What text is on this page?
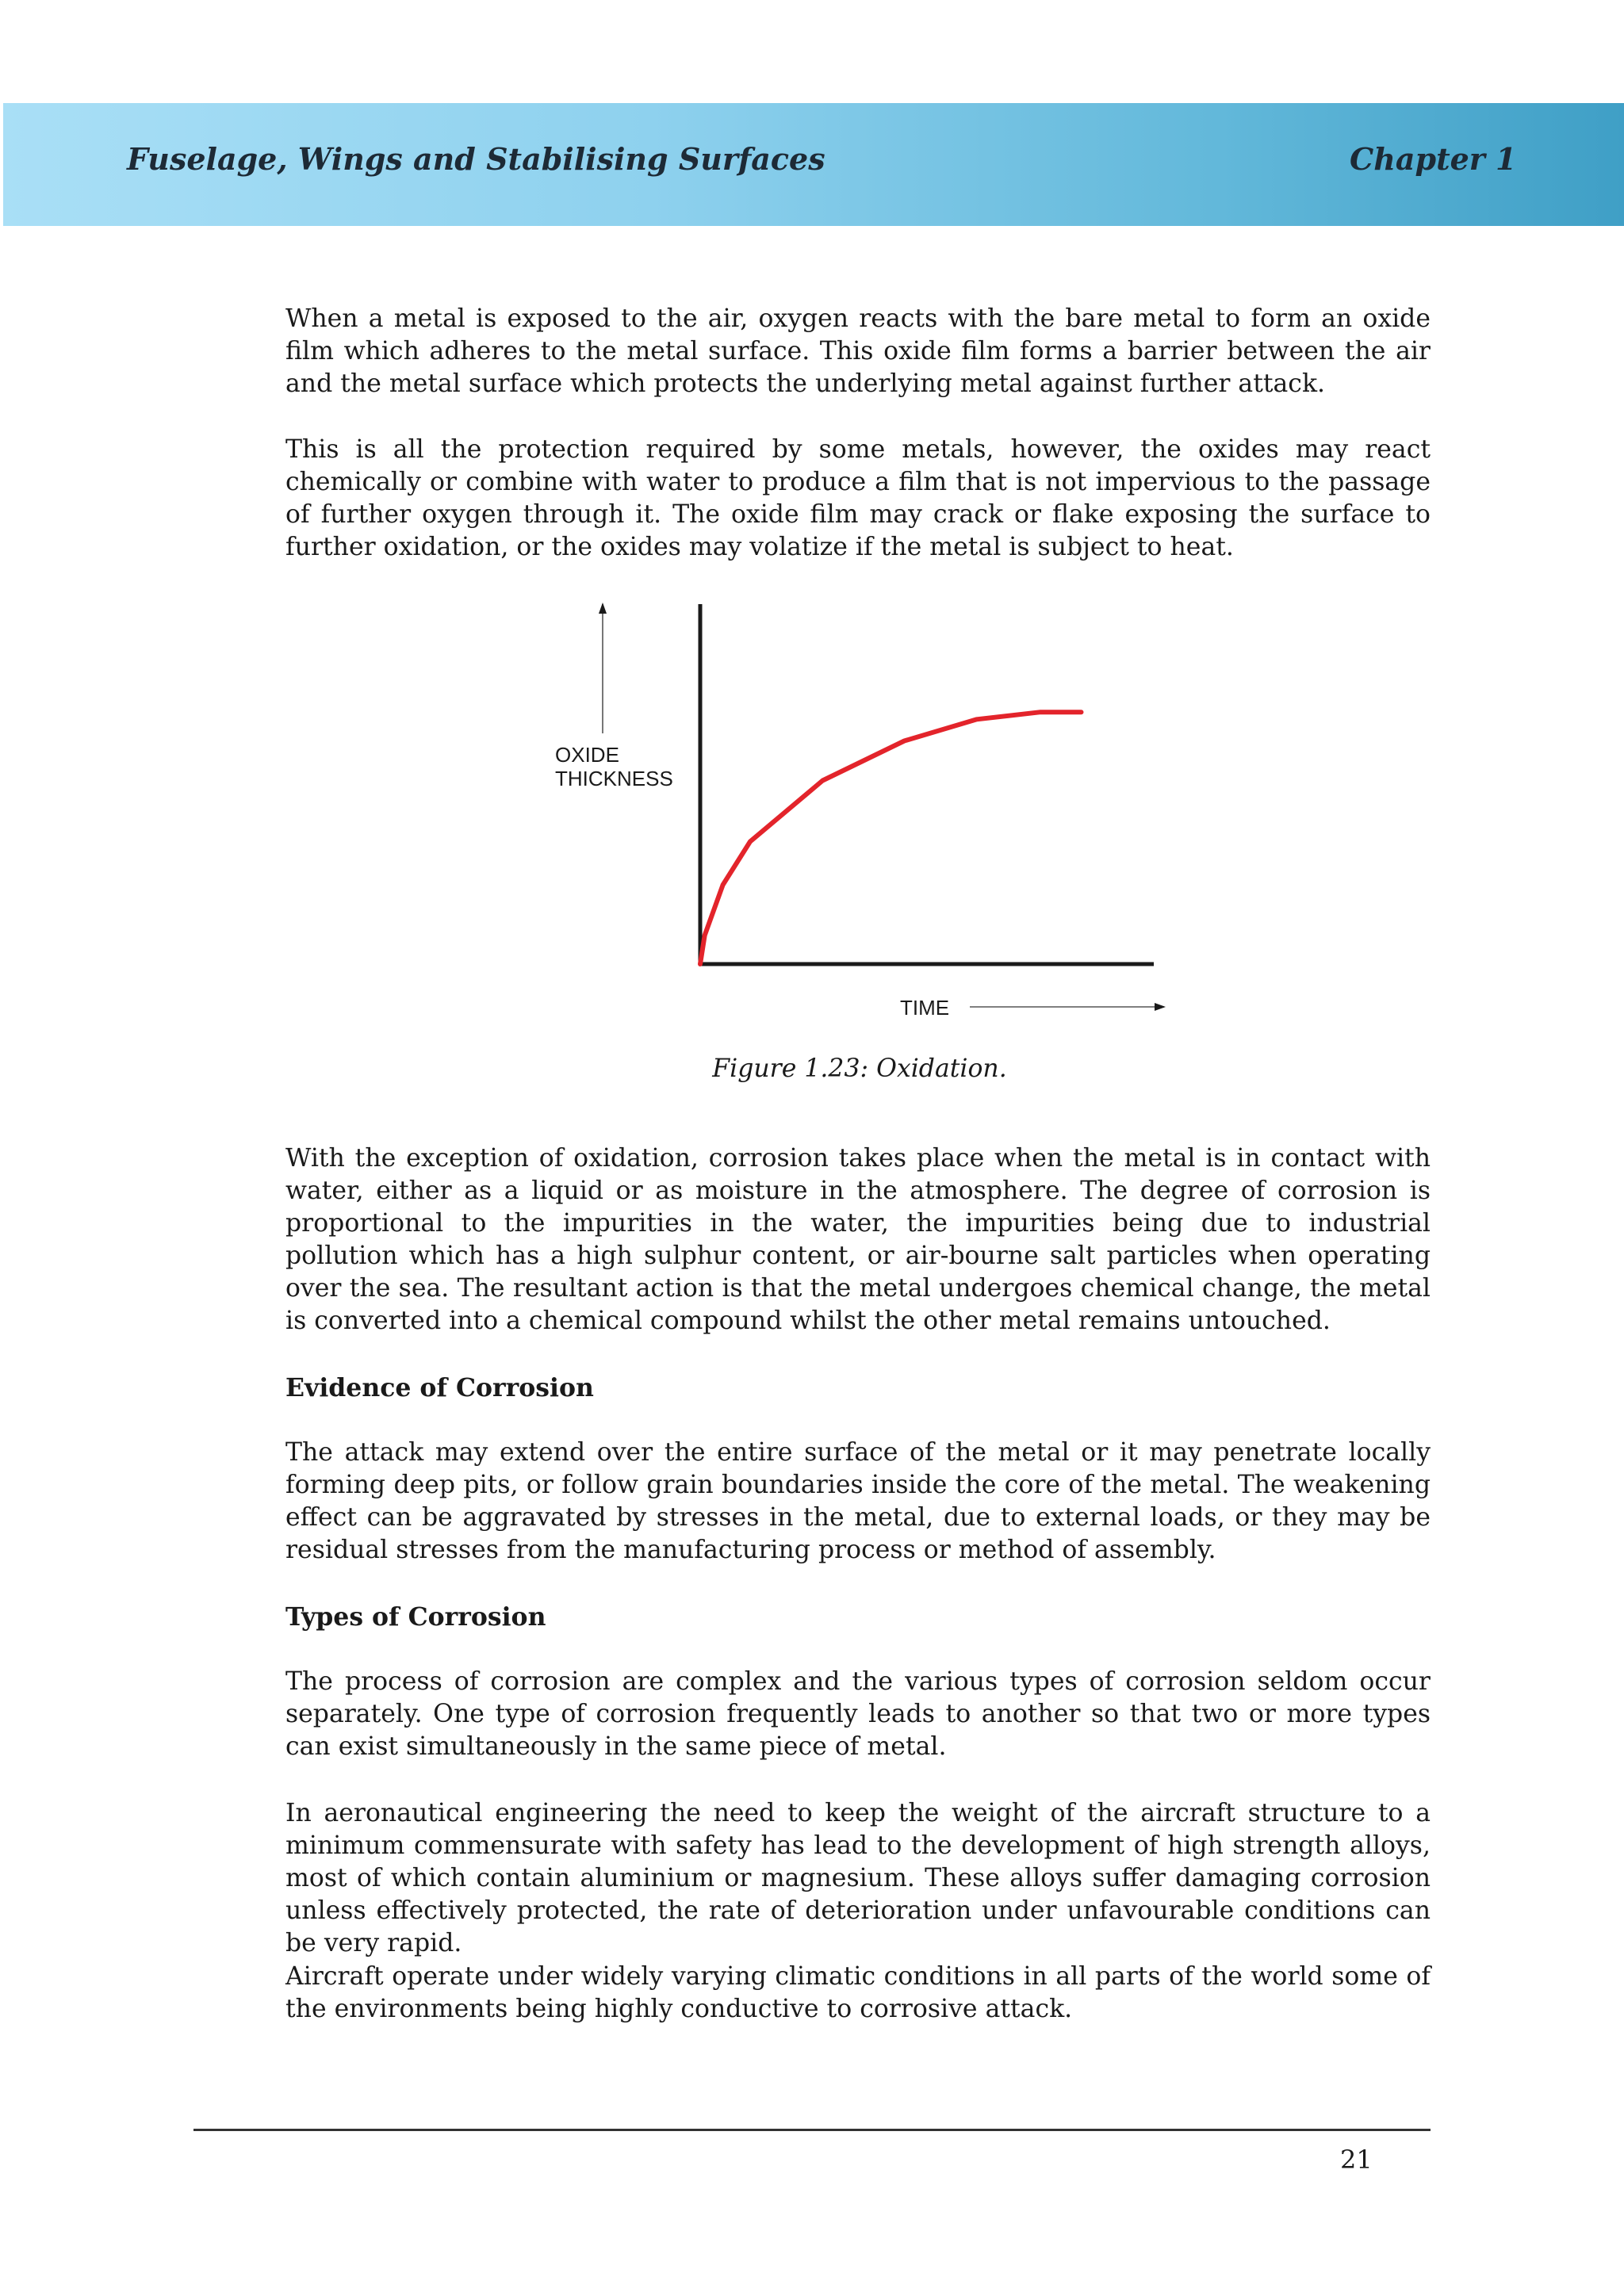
Fuselage, Wings and Stabilising Surfaces	Chapter 1
When a metal is exposed to the air, oxygen reacts with the bare metal to form an oxide film which adheres to the metal surface. This oxide film forms a barrier between the air and the metal surface which protects the underlying metal against further attack.
This is all the protection required by some metals, however, the oxides may react chemically or combine with water to produce a film that is not impervious to the passage of further oxygen through it. The oxide film may crack or flake exposing the surface to further oxidation, or the oxides may volatize if the metal is subject to heat.
OXIDE
THICKNESS
TIME
Figure 1.23: Oxidation.
With the exception of oxidation, corrosion takes place when the metal is in contact with water, either as a liquid or as moisture in the atmosphere. The degree of corrosion is proportional to the impurities in the water, the impurities being due to industrial pollution which has a high sulphur content, or air-bourne salt particles when operating over the sea. The resultant action is that the metal undergoes chemical change, the metal is converted into a chemical compound whilst the other metal remains untouched.
Evidence of Corrosion
The attack may extend over the entire surface of the metal or it may penetrate locally forming deep pits, or follow grain boundaries inside the core of the metal. The weakening effect can be aggravated by stresses in the metal, due to external loads, or they may be residual stresses from the manufacturing process or method of assembly.
Types of Corrosion
The process of corrosion are complex and the various types of corrosion seldom occur separately. One type of corrosion frequently leads to another so that two or more types can exist simultaneously in the same piece of metal.
In aeronautical engineering the need to keep the weight of the aircraft structure to a minimum commensurate with safety has lead to the development of high strength alloys, most of which contain aluminium or magnesium. These alloys suffer damaging corrosion unless effectively protected, the rate of deterioration under unfavourable conditions can be very rapid.
Aircraft operate under widely varying climatic conditions in all parts of the world some of the environments being highly conductive to corrosive attack.
21
